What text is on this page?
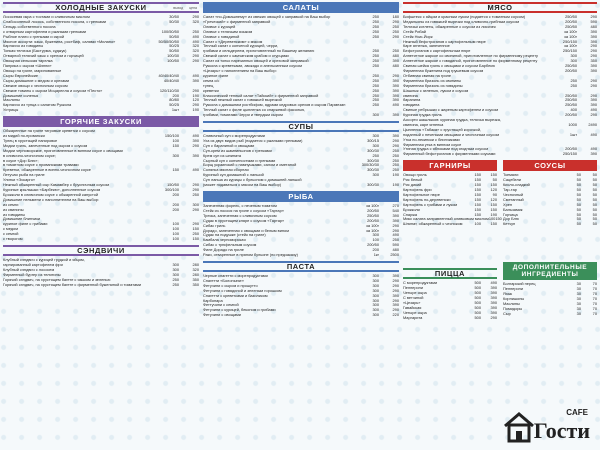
ХОЛОДНЫЕ ЗАКУСКИ	выход цена
Лососевая икра с тостами и сливочным маслом	30/50	290
Слабосоленый лосось, собственного посола, с гренками	50/30	320
Сельдь собственного посола
с отварным картофелем и ржаными гренками	100/50/50	250
Рыбное плато с гренками и икрой	50/50	490
Мясное ассорти: язык, буженина, ростбиф, салями «Милано»	50/50/50/50	490
Карпаччо из говядины	50/25	320
Тонкая телячья (Бастурма, суджук)	50/50	320
Отварной телячий язык с хреном и горчицей	100/30	290
Овощная сельская тарелка	100/50	290
Паприка с сыром «Шэппи»
Овощи на гриле, маринованные
Сыры Европейские	40/40/40/40	490
Сыры домашние с медом и орехами	40/40/40	390
Свежие овощи с чесночным соусом
Свежие томаты с сыром Моцарелла и соусом «Песто»	120/110/30	290
Домашние соленья	200	190
Маслины	80/80	120
Карпаччо из тунца с салатом Руккола	50/25	290
Устрицы	1шт	190
ГОРЯЧИЕ ЗАКУСКИ
Обжаренные на гриле тигровые креветки с соусом
из мидий по-провански	150/100	490
Тунец в хрустящей панировке	100	390
Мидии гриль, запеченные под сыром с соусом	150	290
Мидии черноморские, приготовленные в винном соусе с овощами
в сливочно-чесночном соусе;	300	390
в соусе «Дор Блю»;
в томатном соусе с прованскими травами
Креветки, обжаренные в винно-чесночном соусе	150	490
Летучая рыба на гриле
Улитки «Эскарго»
Нежный обжаренный сыр Камамбер с брусничным соусом	150/50	290
Куриные крылышки «Барбекю», дополненные соусом	300/100	290
Брокколи в сливочном соусе с обжаренной капустой	200	250
Домашние пельмени с наполнителем на Ваш выбор:
из семги	200	300
из свинины	200	290
из говядины
Домашние блинчики
куриное филе с грибами	100	290
с медом	100	150
с семгой	100	250
с творогом	100	150
СЭНДВИЧИ
Клубный сэндвич с курицей грудкой и яйцом,
гарнированный картофелем фри	300	280
Клубный сэндвич с лососем	300	320
Фирменный бургер из телятины	300	280
Горячий сэндвич, на хрустящем багете с языком и зеленью	250	350
Горячий сэндвич, на хрустящем багете с фирменной бужениной и томатами	250	350
САЛАТЫ
Салат «по-Домашнему» из свежих овощей с заправкой на Ваш выбор	250	180
«Греческий» с фирменной заправкой	250	290
Оливье с курицей	250	250
Оливье с телячьим языком	250	250
Оливье с говядиной	250	290
Салат с «Деревенским» с мясом
Теплый салат с копченой курицей, черри,
грибами и сельдереем, приготовленный по Вашему желанию	250	250
Свежий салат с камчатским крабом и огурцами	250	480
Салат из тонко нарезанных овощей и ореховой заправкой	250	390
Руккола с креветками, авокадо и апельсинным соусом	250	480
«Цезарь» с наполнением на Ваш выбор:
куриное филе	250	290
семга с/с	250	390
тунец	250	390
креветки	250	390
Классический теплый салат «Тайский» с фирменной заправкой	250	390
Теплый нежный салат с говяжьей вырезкой	250	390
Руккола с домашним ростбифом, ядрами кедровых орехов и сыром Пармезан	250	490
Теплый салат с филе цыпленка со спаржевой фасолью,
грибами, томатами Черри и твердым сыром	300	390
СУПЫ
Сливочный суп с морепродуктами	300	390
Уха из двух видов рыб (подается с ржаными гренками)	300/15	290
Суп с бараниной и овощами	300	290
Суп-крем из шампиньонов с гренками	300/30	250
Крем суп из шпината	250	250
Сырный суп с копченостями и гренками	300/30	250
Борщ украинский с пампушками, салом и сметаной	300/30/30	250
Солянка мясная сборная	300/30	250
Куриный суп домашний с лапшой	300	190
Суп лапша из курицы с бульоном с домашней лапшой
(может подаваться с мясом на Ваш выбор)	300/30	190
РЫБА
Запеченная форель, с печеным томатом	за 100г	270
Стейк из лосося на гриле с соусом «Тартар»	200/50	540
Треска, запеченная с сливочным соусом	250/50	390
Судак в хрустящем кляре с соусом «Тартар»	200/50	390
Сибас гриль	за 100г	290
Дорадо, запеченная с овощами и белым вином	за 100г	290
Судак на подушке (стейк на гриле)	300	490
Камбала черноморская	100	250
Сибас с трюфельным соусом	200/50	590
Филе Дорадо на гриле	200	480
Раки, отваренные в пряном бульоне (по предзаказу)	1кг	2500
ПАСТА
Черные спагетти с морепродуктами	300	390
Спагетти «Болоньезе»	300	290
Фетучини с сыром и прошутто	300	290
Фетучини с говядиной и зеленым горошком	300	290
Спагетти с креветками и базиликом	300	390
Карбонара	300	290
Феттучини с семгой	300	390
Фетучини с курицей, беконом и грибами	300	290
Фетучини с овощами	300	220
МЯСО
Бифштекс с яйцом и красным луком (подается с томатным соусом)	250/50	290
Медальоны из говяжьей вырезки под сливочно-грибным соусом	200/50	590
Телячьи котлеты, обжаренные с соусом из лисичек	250/50	480
Стейк Рибай	за 100г	390
Стейк Нью-Йорк	за 100г	390
Нежный бефстроганов с картофельным пюре	250/150	390
Каре ягненка, запеченное	за 100г	290
Бефстроганов с картофельным пюре	250/150	290
Аппетитное жаркое со свининой, приготовленное по фирменному рецепту	300	290
Аппетитное жаркое с говядиной, приготовленное по фирменному рецепту	300	350
Свиная шейка гриль с овощами и соусом Барбекю	250/50	390
Фирменная буженина под грушевым соусом	200/50	390
Отбивная свиная на гриле
Фирменная бризоль из свинины	250	290
Фирменная бризоль из говядины	250	290
Шашлык с зеленью, луком и соусом
свинина	250/50	290
баранина	250/50	390
говядина	250/50	390
Свиные ребрышки с жареным картофелем и соусом	400	490
Куриная грудка гриль	200/50	290
Ассорти шашлыков: куриная грудка, телячья вырезка,
свинина, каре ягненка	1000	2490
Цыпленок «Табака» с хрустящей корочкой,
поданный с печеными овощами и чесночным соусом	1шт	490
Утка по-пекински с блинчиками
Фирменная утка в винном соусе
Утиная грудка с яблоками под ягодным соусом	200/50	490
Фирменный бефстроганов с фирменными соусами	250/150	390
ГАРНИРЫ
Овощи гриль	150	150
Рис белый	150	50
Рис дикий	150	150
Картофель фри	150	120
Картофельное пюре	150	90
Картофель по-деревенски	150	120
Картофель с грибами и луком	150	150
Брокколи	150	150
Спаржа	150	190
Микс салата заправленный оливковым маслом 100 150
Шпинат, обжаренный с чесноком	100	150
СОУСЫ
Ткемали	50	50
Сацебели	50	50
Кисло-сладкий	50	50
Тар-тар	50	50
Чесночный	50	50
Сметанный	50	50
Хрен	50	50
Бальзамик	50	50
Горчица	50	50
Дор Блю	50	50
Кетчуп	50	50
ПИЦЦА
С морепродуктами	500	490
Пепперони	500	390
Четыре сыра	500	390
С ветчиной	500	390
«Цезарь»	500	390
Гавайская	500	390
Четыре сыра	500	390
Маргарита	500	290
ДОПОЛНИТЕЛЬНЫЕ ИНГРЕДИЕНТЫ
Болгарский перец	30	70
Пепперони	30	70
Язык	30	70
Корнишоны	30	70
Маслины	30	70
Помидоры	30	70
Сыр	30	70
CAFE
Гости
